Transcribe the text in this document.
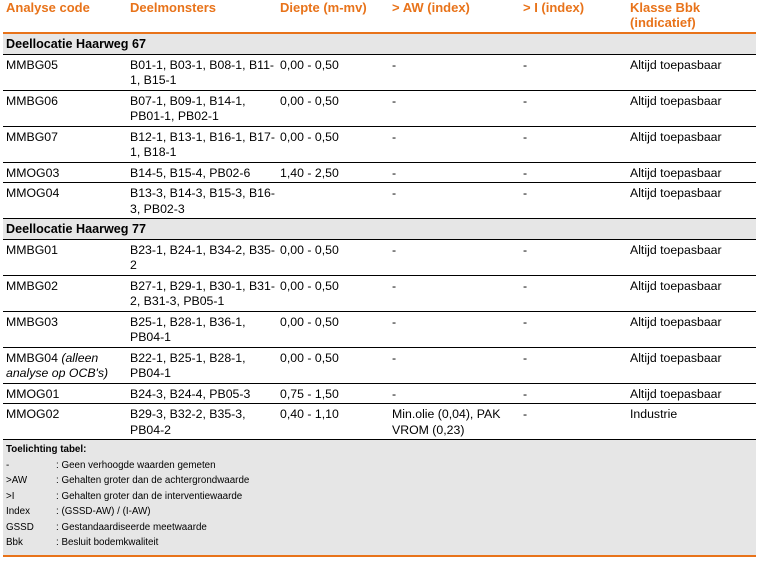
Analyse code	Deelmonsters	Diepte (m-mv)	> AW (index)	> I (index)	Klasse Bbk (indicatief)
Deellocatie Haarweg 67					
MMBG05	B01-1, B03-1, B08-1, B11-1, B15-1	0,00 - 0,50	-	-	Altijd toepasbaar
MMBG06	B07-1, B09-1, B14-1, PB01-1, PB02-1	0,00 - 0,50	-	-	Altijd toepasbaar
MMBG07	B12-1, B13-1, B16-1, B17-1, B18-1	0,00 - 0,50	-	-	Altijd toepasbaar
MMOG03	B14-5, B15-4, PB02-6	1,40 - 2,50	-	-	Altijd toepasbaar
MMOG04	B13-3, B14-3, B15-3, B16-3, PB02-3		-	-	Altijd toepasbaar
Deellocatie Haarweg 77					
MMBG01	B23-1, B24-1, B34-2, B35-2	0,00 - 0,50	-	-	Altijd toepasbaar
MMBG02	B27-1, B29-1, B30-1, B31-2, B31-3, PB05-1	0,00 - 0,50	-	-	Altijd toepasbaar
MMBG03	B25-1, B28-1, B36-1, PB04-1	0,00 - 0,50	-	-	Altijd toepasbaar
MMBG04 (alleen analyse op OCB's)	B22-1, B25-1, B28-1, PB04-1	0,00 - 0,50	-	-	Altijd toepasbaar
MMOG01	B24-3, B24-4, PB05-3	0,75 - 1,50	-	-	Altijd toepasbaar
MMOG02	B29-3, B32-2, B35-3, PB04-2	0,40 - 1,10	Min.olie (0,04), PAK VROM (0,23)	-	Industrie
Toelichting tabel:
-	: Geen verhoogde waarden gemeten
>AW	: Gehalten groter dan de achtergrondwaarde
>I	: Gehalten groter dan de interventiewaarde
Index	: (GSSD-AW) / (I-AW)
GSSD	: Gestandaardiseerde meetwaarde
Bbk	: Besluit bodemkwaliteit
